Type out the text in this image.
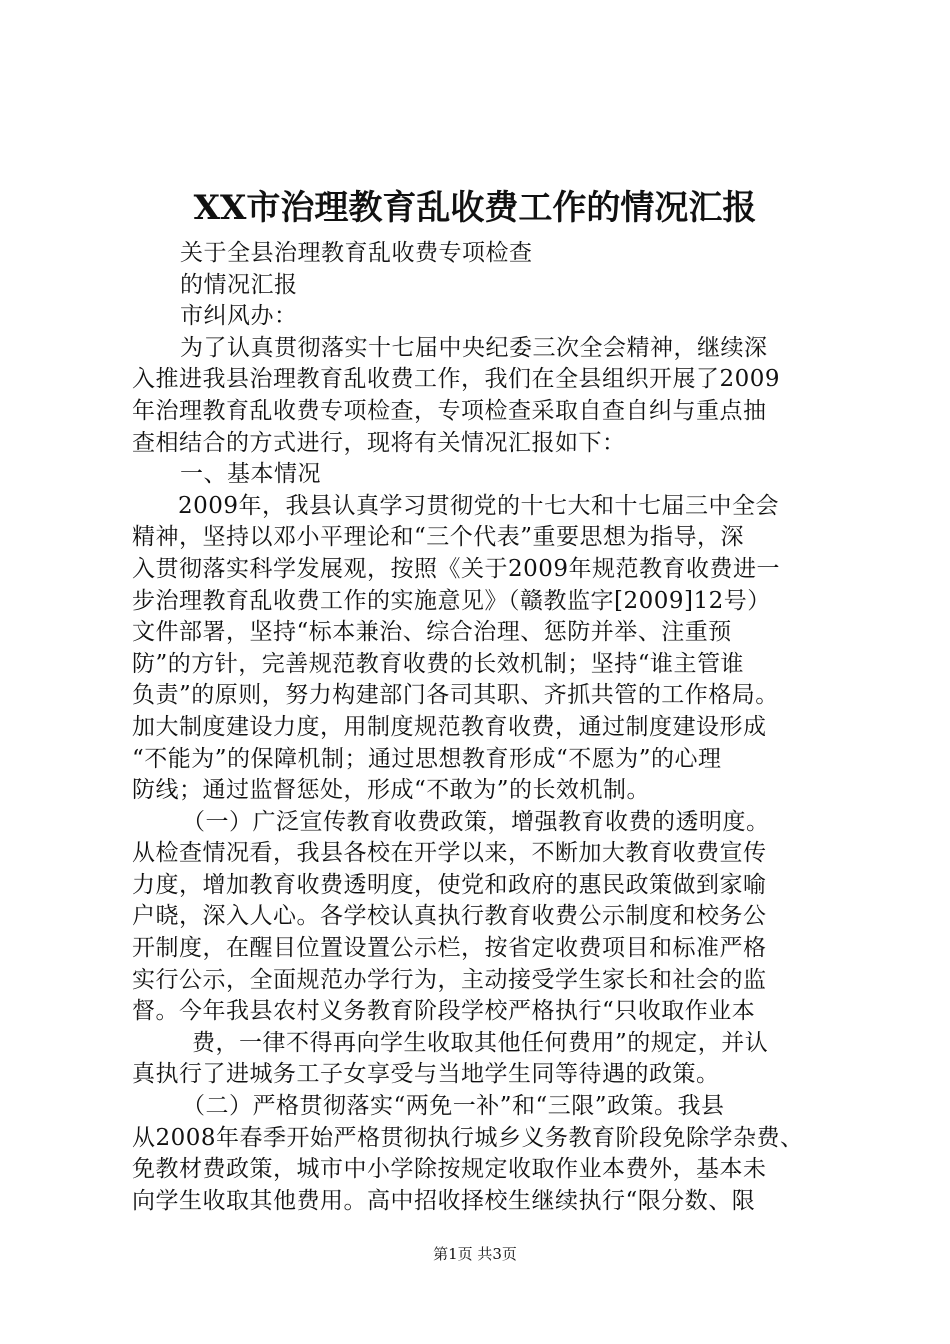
XX市治理教育乱收费工作的情况汇报
关于全县治理教育乱收费专项检查
的情况汇报
市纠风办：
为了认真贯彻落实十七届中央纪委三次全会精神，继续深
入推进我县治理教育乱收费工作，我们在全县组织开展了2009
年治理教育乱收费专项检查，专项检查采取自查自纠与重点抽
查相结合的方式进行，现将有关情况汇报如下：
一、基本情况
2009年，我县认真学习贯彻党的十七大和十七届三中全会
精神，坚持以邓小平理论和“三个代表”重要思想为指导，深
入贯彻落实科学发展观，按照《关于2009年规范教育收费进一
步治理教育乱收费工作的实施意见》（赣教监字[2009]12号）
文件部署，坚持“标本兼治、综合治理、惩防并举、注重预
防”的方针，完善规范教育收费的长效机制；坚持“谁主管谁
负责”的原则，努力构建部门各司其职、齐抓共管的工作格局。
加大制度建设力度，用制度规范教育收费，通过制度建设形成
“不能为”的保障机制；通过思想教育形成“不愿为”的心理
防线；通过监督惩处，形成“不敢为”的长效机制。
（一）广泛宣传教育收费政策，增强教育收费的透明度。
从检查情况看，我县各校在开学以来，不断加大教育收费宣传
力度，增加教育收费透明度，使党和政府的惠民政策做到家喻
户晓，深入人心。各学校认真执行教育收费公示制度和校务公
开制度，在醒目位置设置公示栏，按省定收费项目和标准严格
实行公示，全面规范办学行为，主动接受学生家长和社会的监
督。今年我县农村义务教育阶段学校严格执行“只收取作业本
费，一律不得再向学生收取其他任何费用”的规定，并认
真执行了进城务工子女享受与当地学生同等待遇的政策。
（二）严格贯彻落实“两免一补”和“三限”政策。我县
从2008年春季开始严格贯彻执行城乡义务教育阶段免除学杂费、
免教材费政策，城市中小学除按规定收取作业本费外，基本未
向学生收取其他费用。高中招收择校生继续执行“限分数、限
第1页 共3页
